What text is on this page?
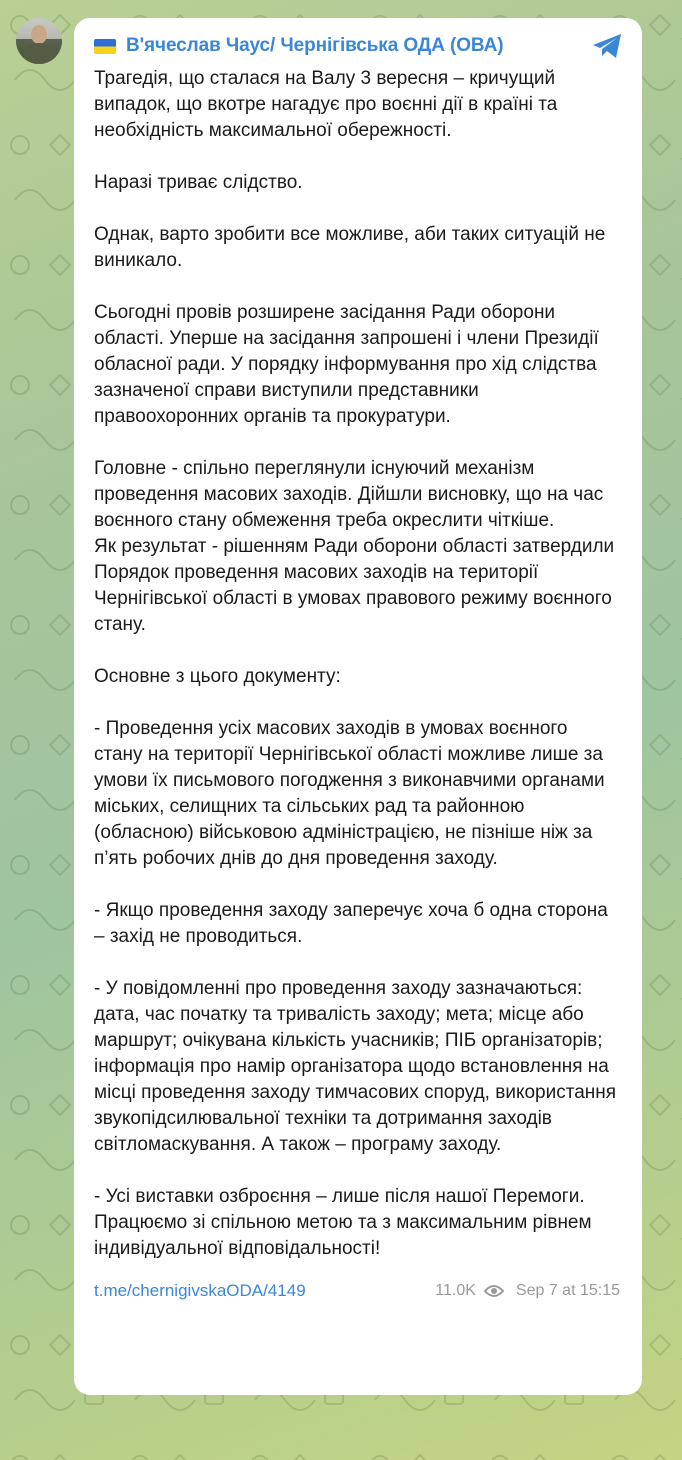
В'ячеслав Чаус/ Чернігівська ОДА (ОВА)

Трагедія, що сталася на Валу 3 вересня – кричущий випадок, що вкотре нагадує про воєнні дії в країні та необхідність максимальної обережності.

Наразі триває слідство.

Однак, варто зробити все можливе, аби таких ситуацій не виникало.

Сьогодні провів розширене засідання Ради оборони області. Уперше на засідання запрошені і члени Президії обласної ради. У порядку інформування про хід слідства зазначеної справи виступили представники правоохоронних органів та прокуратури.

Головне - спільно переглянули існуючий механізм проведення масових заходів. Дійшли висновку, що на час воєнного стану обмеження треба окреслити чіткіше.

Як результат - рішенням Ради оборони області затвердили Порядок проведення масових заходів на території Чернігівської області в умовах правового режиму воєнного стану.

Основне з цього документу:

- Проведення усіх масових заходів в умовах воєнного стану на території Чернігівської області можливе лише за умови їх письмового погодження з виконавчими органами міських, селищних та сільських рад та районною (обласною) військовою адміністрацією, не пізніше ніж за п’ять робочих днів до дня проведення заходу.

- Якщо проведення заходу заперечує хоча б одна сторона – захід не проводиться.

- У повідомленні про проведення заходу зазначаються: дата, час початку та тривалість заходу; мета; місце або маршрут; очікувана кількість учасників; ПІБ організаторів; інформація про намір організатора щодо встановлення на місці проведення заходу тимчасових споруд, використання звукопідсилювальної техніки та дотримання заходів світломаскування. А також – програму заходу.

- Усі виставки озброєння – лише після нашої Перемоги. Працюємо зі спільною метою та з максимальним рівнем індивідуальної відповідальності!

t.me/chernigivskaODA/4149	11.0K	Sep 7 at 15:15
